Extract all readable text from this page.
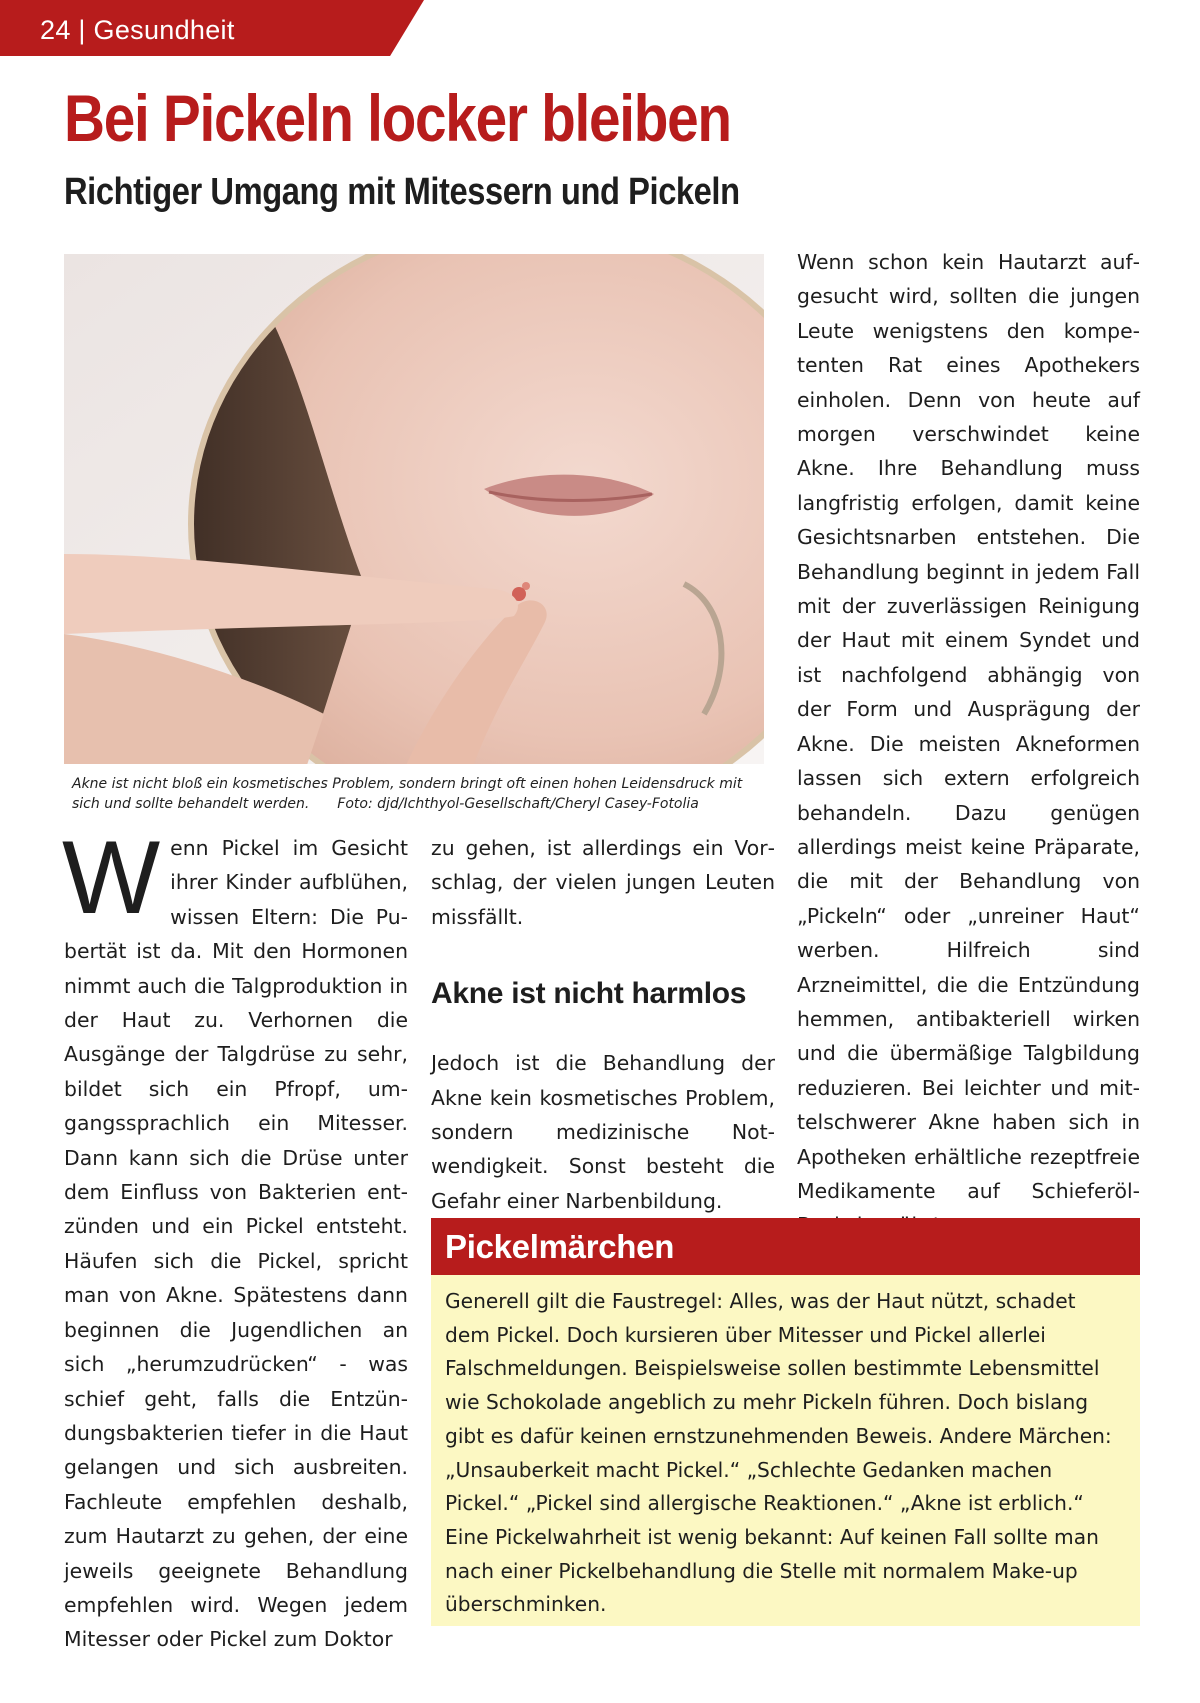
24 | Gesundheit
Bei Pickeln locker bleiben
Richtiger Umgang mit Mitessern und Pickeln

Akne ist nicht bloß ein kosmetisches Problem, sondern bringt oft einen hohen Leidensdruck mit sich und sollte behandelt werden. Foto: djd/Ichthyol-Gesellschaft/Cheryl Casey-Fotolia

Wenn Pickel im Gesicht ihrer Kinder aufblühen, wissen Eltern: Die Pubertät ist da. Mit den Hormonen nimmt auch die Talgproduktion in der Haut zu. Verhornen die Ausgänge der Talgdrüse zu sehr, bildet sich ein Pfropf, umgangssprachlich ein Mitesser. Dann kann sich die Drüse unter dem Einfluss von Bakterien entzünden und ein Pickel entsteht. Häufen sich die Pickel, spricht man von Akne. Spätestens dann beginnen die Jugendlichen an sich „herumzudrücken“ - was schief geht, falls die Entzündungsbakterien tiefer in die Haut gelangen und sich ausbreiten. Fachleute empfehlen deshalb, zum Hautarzt zu gehen, der eine jeweils geeignete Behandlung empfehlen wird. Wegen jedem Mitesser oder Pickel zum Doktor

zu gehen, ist allerdings ein Vorschlag, der vielen jungen Leuten missfällt.

Akne ist nicht harmlos

Jedoch ist die Behandlung der Akne kein kosmetisches Problem, sondern medizinische Notwendigkeit. Sonst besteht die Gefahr einer Narbenbildung.

Wenn schon kein Hautarzt aufgesucht wird, sollten die jungen Leute wenigstens den kompetenten Rat eines Apothekers einholen. Denn von heute auf morgen verschwindet keine Akne. Ihre Behandlung muss langfristig erfolgen, damit keine Gesichtsnarben entstehen. Die Behandlung beginnt in jedem Fall mit der zuverlässigen Reinigung der Haut mit einem Syndet und ist nachfolgend abhängig von der Form und Ausprägung der Akne. Die meisten Akneformen lassen sich extern erfolgreich behandeln. Dazu genügen allerdings meist keine Präparate, die mit der Behandlung von „Pickeln“ oder „unreiner Haut“ werben. Hilfreich sind Arzneimittel, die die Entzündung hemmen, antibakteriell wirken und die übermäßige Talgbildung reduzieren. Bei leichter und mittelschwerer Akne haben sich in Apotheken erhältliche rezeptfreie Medikamente auf Schieferöl-

Pickelmärchen

Generell gilt die Faustregel: Alles, was der Haut nützt, schadet dem Pickel. Doch kursieren über Mitesser und Pickel allerlei Falschmeldungen. Beispielsweise sollen bestimmte Lebensmittel wie Schokolade angeblich zu mehr Pickeln führen. Doch bislang gibt es dafür keinen ernstzunehmenden Beweis. Andere Märchen: „Unsauberkeit macht Pickel.“ „Schlechte Gedanken machen Pickel.“ „Pickel sind allergische Reaktionen.“ „Akne ist erblich.“ Eine Pickelwahrheit ist wenig bekannt: Auf keinen Fall sollte man nach einer Pickelbehandlung die Stelle mit normalem Make-up überschminken.
